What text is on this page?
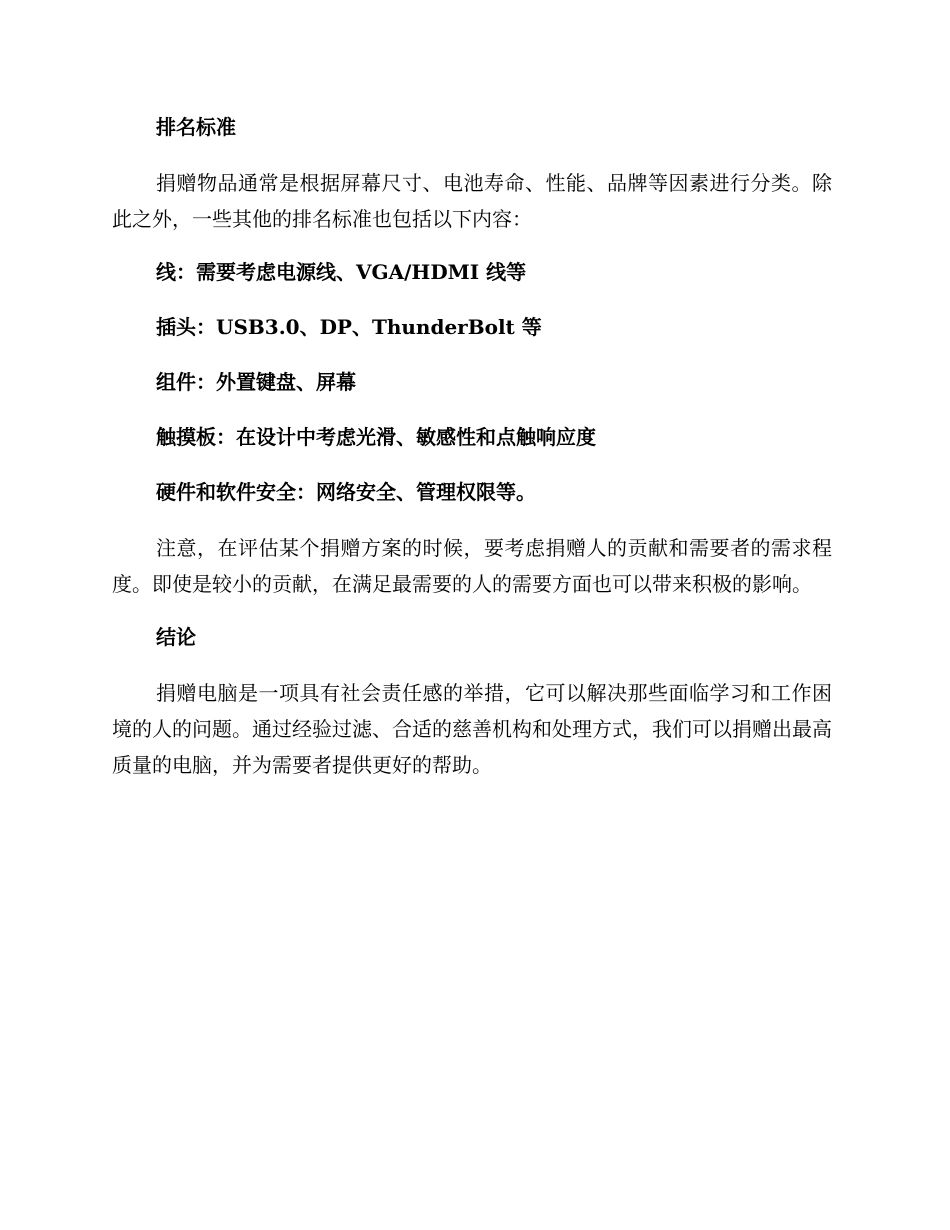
排名标准

捐赠物品通常是根据屏幕尺寸、电池寿命、性能、品牌等因素进行分类。除此之外，一些其他的排名标准也包括以下内容：

线：需要考虑电源线、VGA/HDMI 线等
插头：USB3.0、DP、ThunderBolt 等
组件：外置键盘、屏幕
触摸板：在设计中考虑光滑、敏感性和点触响应度
硬件和软件安全：网络安全、管理权限等。

注意，在评估某个捐赠方案的时候，要考虑捐赠人的贡献和需要者的需求程度。即使是较小的贡献，在满足最需要的人的需要方面也可以带来积极的影响。

结论

捐赠电脑是一项具有社会责任感的举措，它可以解决那些面临学习和工作困境的人的问题。通过经验过滤、合适的慈善机构和处理方式，我们可以捐赠出最高质量的电脑，并为需要者提供更好的帮助。
